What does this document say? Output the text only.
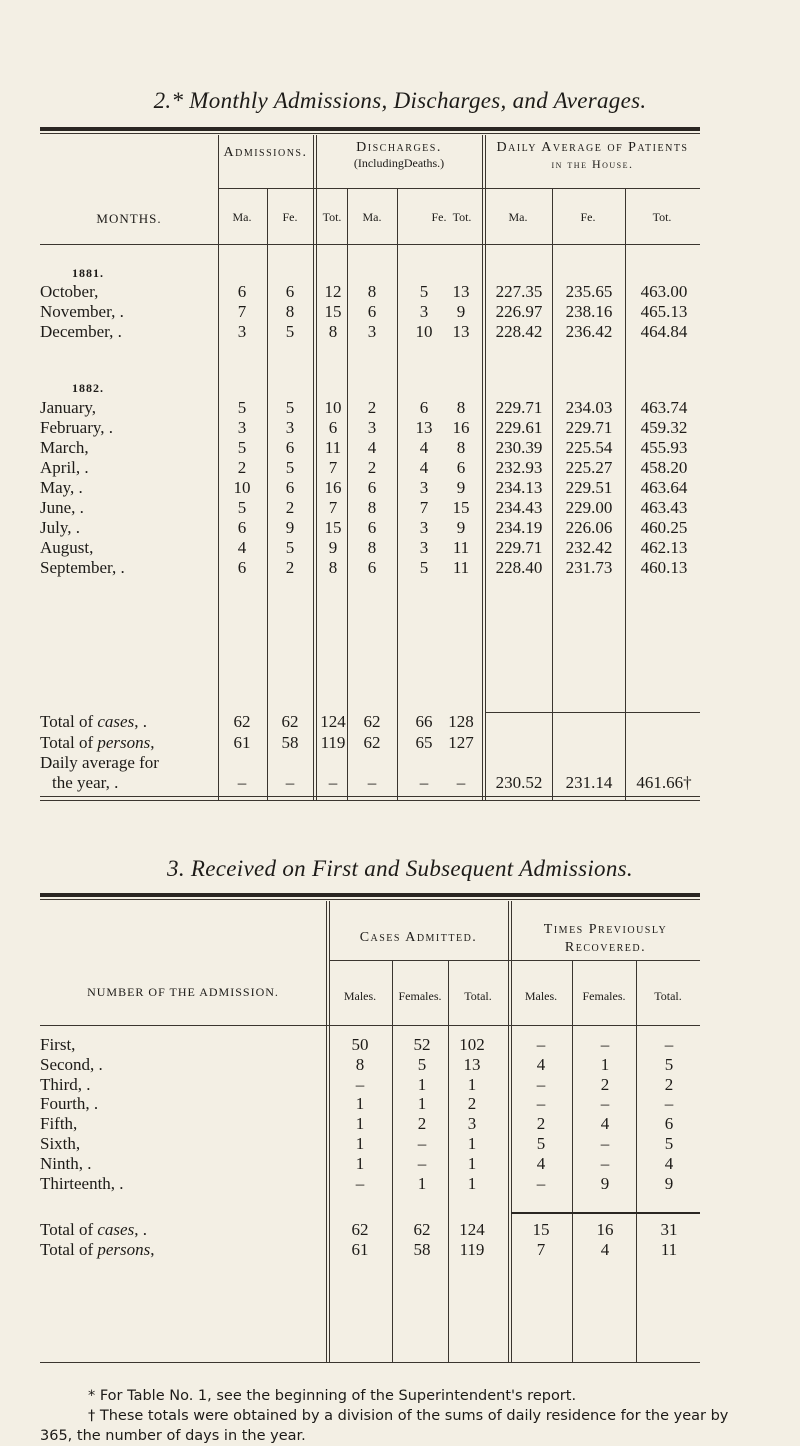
2.* Monthly Admissions, Discharges, and Averages.
MONTHS.
Admissions.	Discharges.
(IncludingDeaths.)
Daily Average of Patients
in the House.
Ma.	Fe. Tot. Ma.	Fe. Tot.	Ma.	Fe.	Tot.
1881.
1882.
October,	6 6 12 8	5 13 227.35 235.65 463.00
November, .	7 8 15 6	3 9 226.97 238.16 465.13
December, .	3 5 8 3 10 13 228.42 236.42 464.84
January,	5 5 10 2	6 8 229.71 234.03 463.74
February, .	3 3 6 3 13 16 229.61 229.71 459.32
March,	5 6 11 4	4 8 230.39 225.54 455.93
April, .	2 5 7 2	4 6 232.93 225.27 458.20
May, .	10 6 16 6	3 9 234.13 229.51 463.64
June, .	5 2 7 8	7 15 234.43 229.00 463.43
July, .	6 9 15 6	3 9 234.19 226.06 460.25
August,	4 5 9 8	3 11 229.71 232.42 462.13
September, .	6 2 8 6	5 11 228.40 231.73 460.13
Total of cases, .	62 62 124 62 66 128
Total of persons,	61 58 119 62 65 127
Daily average for
the year, .	– – – –	– – 230.52 231.14 461.66†
3. Received on First and Subsequent Admissions.
NUMBER OF THE ADMISSION.
Cases Admitted.
Times Previously
Recovered.
Males. Females. Total.	Males. Females. Total.
First,	50	52 102	–	–	–
Second, .	8	5 13	4	1	5
Third, .	–	1 1	–	2	2
Fourth, .	1	1 2	–	–	–
Fifth,	1	2 3	2	4	6
Sixth,	1	– 1	5	–	5
Ninth, .	1	– 1	4	–	4
Thirteenth, .	–	1 1	–	9	9
Total of cases, .	62	62 124	15	16	31
Total of persons,	61	58 119	7	4	11
* For Table No. 1, see the beginning of the Superintendent's report.
† These totals were obtained by a division of the sums of daily residence for the year by
365, the number of days in the year.
